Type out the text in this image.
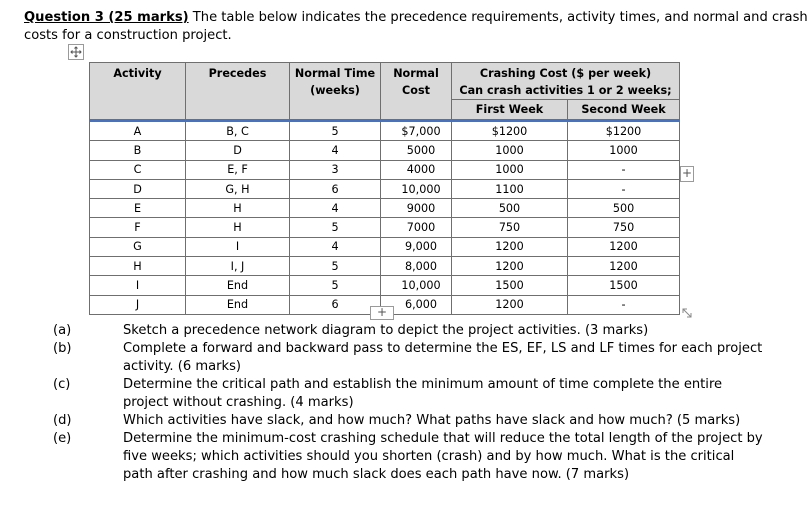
Question 3 (25 marks) The table below indicates the precedence requirements, activity times, and normal and crash
costs for a construction project.
Activity	Precedes	Normal Time (weeks)	Normal Cost	Crashing Cost ($ per week)
Can crash activities 1 or 2 weeks;	

				First Week	Second Week
A	B, C	5	$7,000	$1200	$1200
B	D	4	5000	1000	1000
C	E, F	3	4000	1000	-
D	G, H	6	10,000	1100	-
E	H	4	9000	500	500
F	H	5	7000	750	750
G	I	4	9,000	1200	1200
H	I, J	5	8,000	1200	1200
I	End	5	10,000	1500	1500
J	End	6	6,000	1200	-
+
+
(a)	Sketch a precedence network diagram to depict the project activities. (3 marks)
(b)	Complete a forward and backward pass to determine the ES, EF, LS and LF times for each project activity. (6 marks)
(c)	Determine the critical path and establish the minimum amount of time complete the entire project without crashing. (4 marks)
(d)	Which activities have slack, and how much? What paths have slack and how much? (5 marks)
(e)	Determine the minimum-cost crashing schedule that will reduce the total length of the project by five weeks; which activities should you shorten (crash) and by how much. What is the critical path after crashing and how much slack does each path have now. (7 marks)
